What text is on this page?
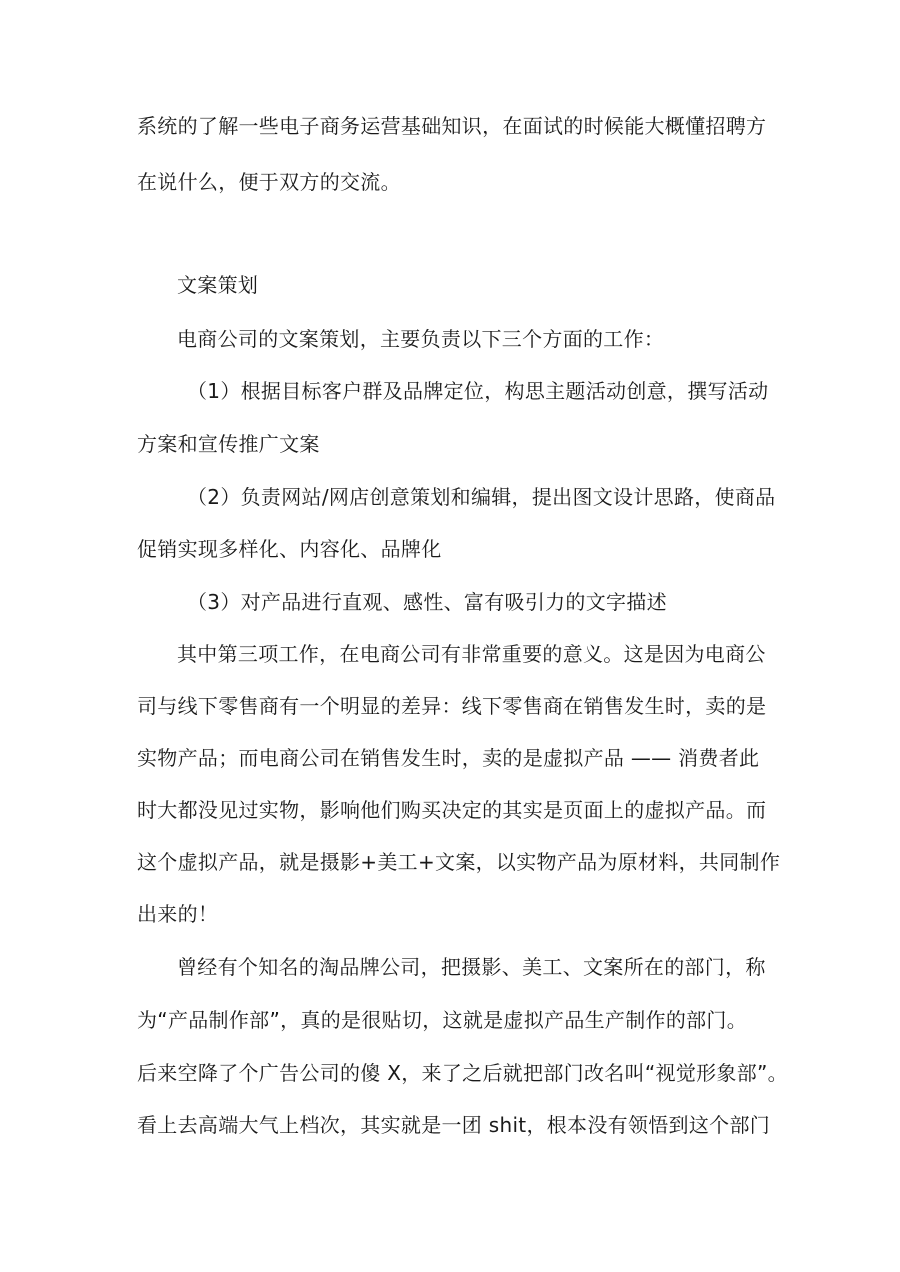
系统的了解一些电子商务运营基础知识，在面试的时候能大概懂招聘方
在说什么，便于双方的交流。
文案策划
电商公司的文案策划，主要负责以下三个方面的工作：
（1）根据目标客户群及品牌定位，构思主题活动创意，撰写活动
方案和宣传推广文案
（2）负责网站/网店创意策划和编辑，提出图文设计思路，使商品
促销实现多样化、内容化、品牌化
（3）对产品进行直观、感性、富有吸引力的文字描述
其中第三项工作，在电商公司有非常重要的意义。这是因为电商公
司与线下零售商有一个明显的差异：线下零售商在销售发生时，卖的是
实物产品；而电商公司在销售发生时，卖的是虚拟产品 —— 消费者此
时大都没见过实物，影响他们购买决定的其实是页面上的虚拟产品。而
这个虚拟产品，就是摄影+美工+文案，以实物产品为原材料，共同制作
出来的！
曾经有个知名的淘品牌公司，把摄影、美工、文案所在的部门，称
为“产品制作部”，真的是很贴切，这就是虚拟产品生产制作的部门。
后来空降了个广告公司的傻 X，来了之后就把部门改名叫“视觉形象部”。
看上去高端大气上档次，其实就是一团 shit，根本没有领悟到这个部门
